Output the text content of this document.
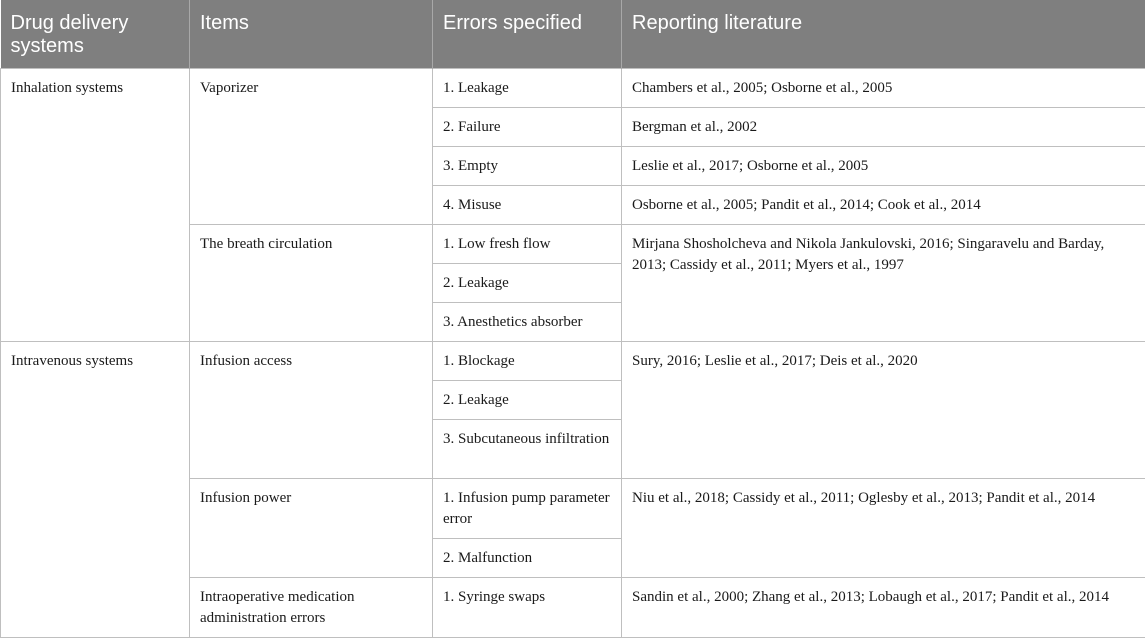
Drug delivery systems	Items	Errors specified	Reporting literature
Inhalation systems	Vaporizer	1. Leakage	Chambers et al., 2005; Osborne et al., 2005
		2. Failure	Bergman et al., 2002
		3. Empty	Leslie et al., 2017; Osborne et al., 2005
		4. Misuse	Osborne et al., 2005; Pandit et al., 2014; Cook et al., 2014
	The breath circulation	1. Low fresh flow	Mirjana Shosholcheva and Nikola Jankulovski, 2016; Singaravelu and Barday, 2013; Cassidy et al., 2011; Myers et al., 1997
		2. Leakage	
		3. Anesthetics absorber	
Intravenous systems	Infusion access	1. Blockage	Sury, 2016; Leslie et al., 2017; Deis et al., 2020
		2. Leakage	
		3. Subcutaneous infiltration	
	Infusion power	1. Infusion pump parameter error	Niu et al., 2018; Cassidy et al., 2011; Oglesby et al., 2013; Pandit et al., 2014
		2. Malfunction	
	Intraoperative medication administration errors	1. Syringe swaps	Sandin et al., 2000; Zhang et al., 2013; Lobaugh et al., 2017; Pandit et al., 2014
